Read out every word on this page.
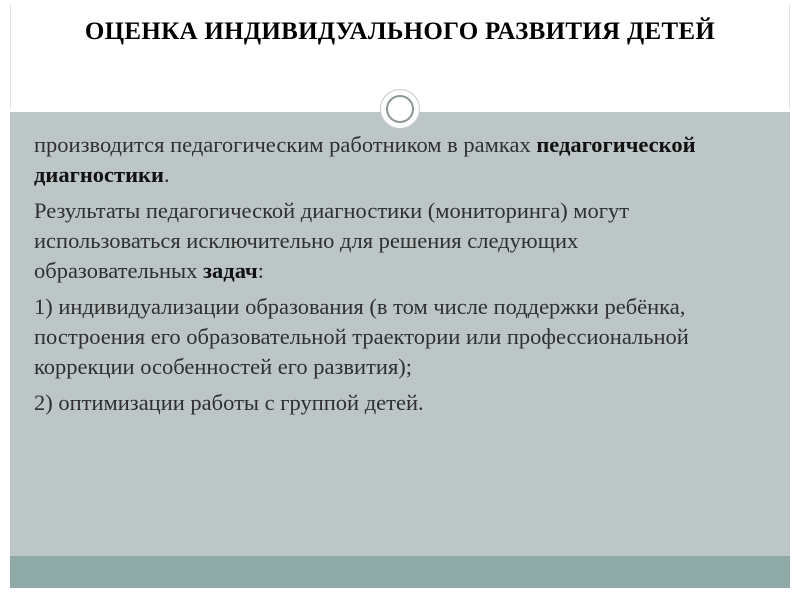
ОЦЕНКА ИНДИВИДУАЛЬНОГО РАЗВИТИЯ ДЕТЕЙ

производится педагогическим работником в рамках педагогической диагностики.

Результаты педагогической диагностики (мониторинга) могут использоваться исключительно для решения следующих образовательных задач:

1) индивидуализации образования (в том числе поддержки ребёнка, построения его образовательной траектории или профессиональной коррекции особенностей его развития);

2) оптимизации работы с группой детей.
